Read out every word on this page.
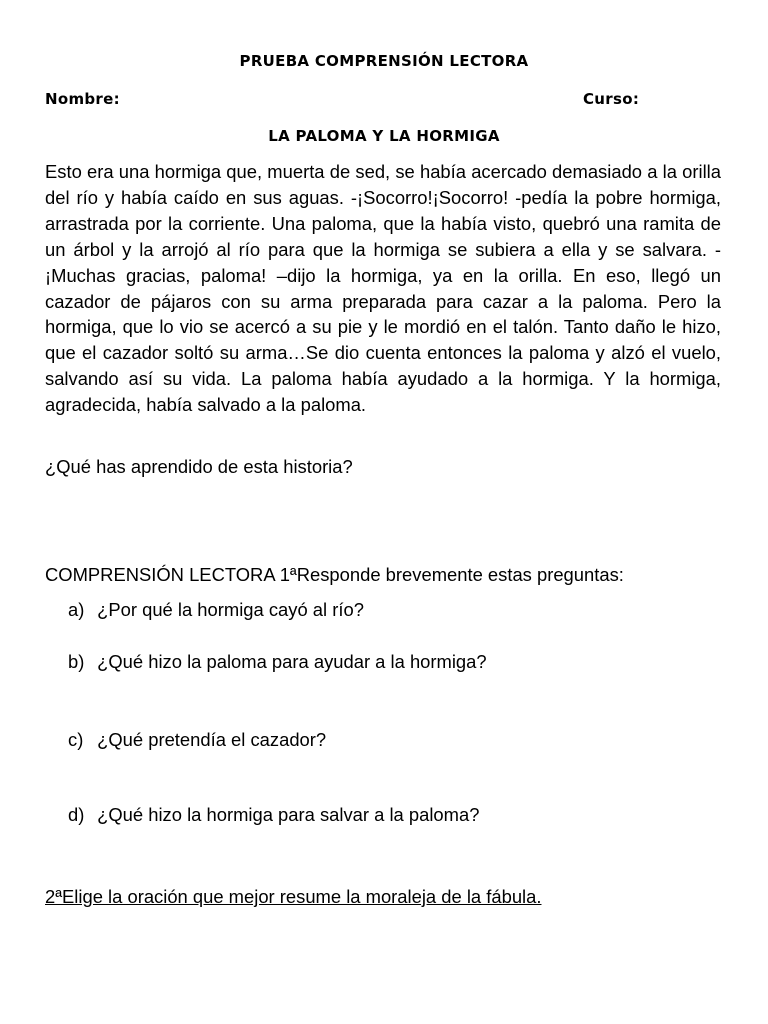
PRUEBA COMPRENSIÓN LECTORA
Nombre:	Curso:
LA PALOMA Y LA HORMIGA

Esto era una hormiga que, muerta de sed, se había acercado demasiado a la orilla del río y había caído en sus aguas. -¡Socorro!¡Socorro! -pedía la pobre hormiga, arrastrada por la corriente. Una paloma, que la había visto, quebró una ramita de un árbol y la arrojó al río para que la hormiga se subiera a ella y se salvara. -¡Muchas gracias, paloma! –dijo la hormiga, ya en la orilla. En eso, llegó un cazador de pájaros con su arma preparada para cazar a la paloma. Pero la hormiga, que lo vio se acercó a su pie y le mordió en el talón. Tanto daño le hizo, que el cazador soltó su arma…Se dio cuenta entonces la paloma y alzó el vuelo, salvando así su vida. La paloma había ayudado a la hormiga. Y la hormiga, agradecida, había salvado a la paloma.

¿Qué has aprendido de esta historia?
COMPRENSIÓN LECTORA 1ªResponde brevemente estas preguntas:
a) ¿Por qué la hormiga cayó al río?
b) ¿Qué hizo la paloma para ayudar a la hormiga?
c) ¿Qué pretendía el cazador?
d) ¿Qué hizo la hormiga para salvar a la paloma?
2ªElige la oración que mejor resume la moraleja de la fábula.
